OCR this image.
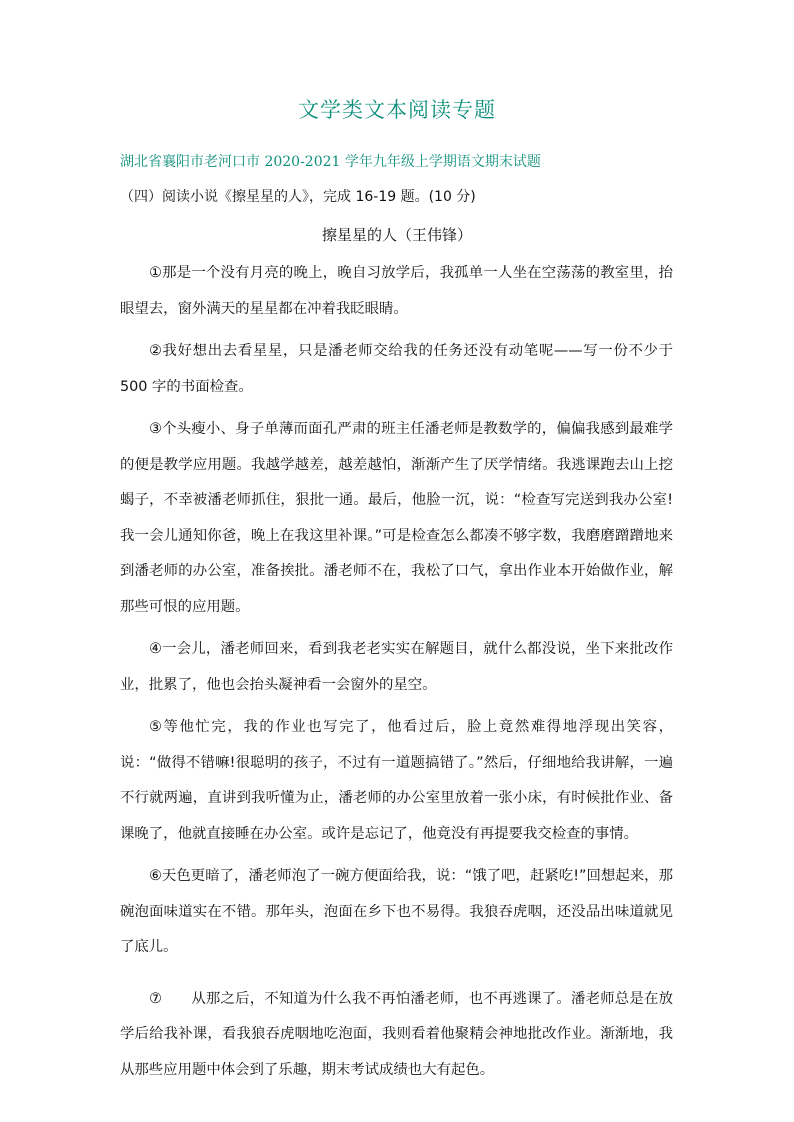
文学类文本阅读专题
湖北省襄阳市老河口市 2020-2021 学年九年级上学期语文期末试题
（四）阅读小说《擦星星的人》，完成 16-19 题。(10 分)
擦星星的人（王伟锋）

①那是一个没有月亮的晚上，晚自习放学后，我孤单一人坐在空荡荡的教室里，抬眼望去，窗外满天的星星都在冲着我眨眼睛。

②我好想出去看星星，只是潘老师交给我的任务还没有动笔呢——写一份不少于 500 字的书面检查。

③个头瘦小、身子单薄而面孔严肃的班主任潘老师是教数学的，偏偏我感到最难学的便是教学应用题。我越学越差，越差越怕，渐渐产生了厌学情绪。我逃课跑去山上挖蝎子，不幸被潘老师抓住，狠批一通。最后，他脸一沉，说：“检查写完送到我办公室!我一会儿通知你爸，晚上在我这里补课。”可是检查怎么都凑不够字数，我磨磨蹭蹭地来到潘老师的办公室，准备挨批。潘老师不在，我松了口气，拿出作业本开始做作业，解那些可恨的应用题。

④一会儿，潘老师回来，看到我老老实实在解题目，就什么都没说，坐下来批改作业，批累了，他也会抬头凝神看一会窗外的星空。

⑤等他忙完，我的作业也写完了，他看过后，脸上竟然难得地浮现出笑容，说：“做得不错嘛!很聪明的孩子，不过有一道题搞错了。”然后，仔细地给我讲解，一遍不行就两遍，直讲到我听懂为止，潘老师的办公室里放着一张小床，有时候批作业、备课晚了，他就直接睡在办公室。或许是忘记了，他竟没有再提要我交检查的事情。

⑥天色更暗了，潘老师泡了一碗方便面给我，说：“饿了吧，赶紧吃!”回想起来，那碗泡面味道实在不错。那年头，泡面在乡下也不易得。我狼吞虎咽，还没品出味道就见了底儿。

⑦　　从那之后，不知道为什么我不再怕潘老师，也不再逃课了。潘老师总是在放学后给我补课，看我狼吞虎咽地吃泡面，我则看着他聚精会神地批改作业。渐渐地，我从那些应用题中体会到了乐趣，期末考试成绩也大有起色。
